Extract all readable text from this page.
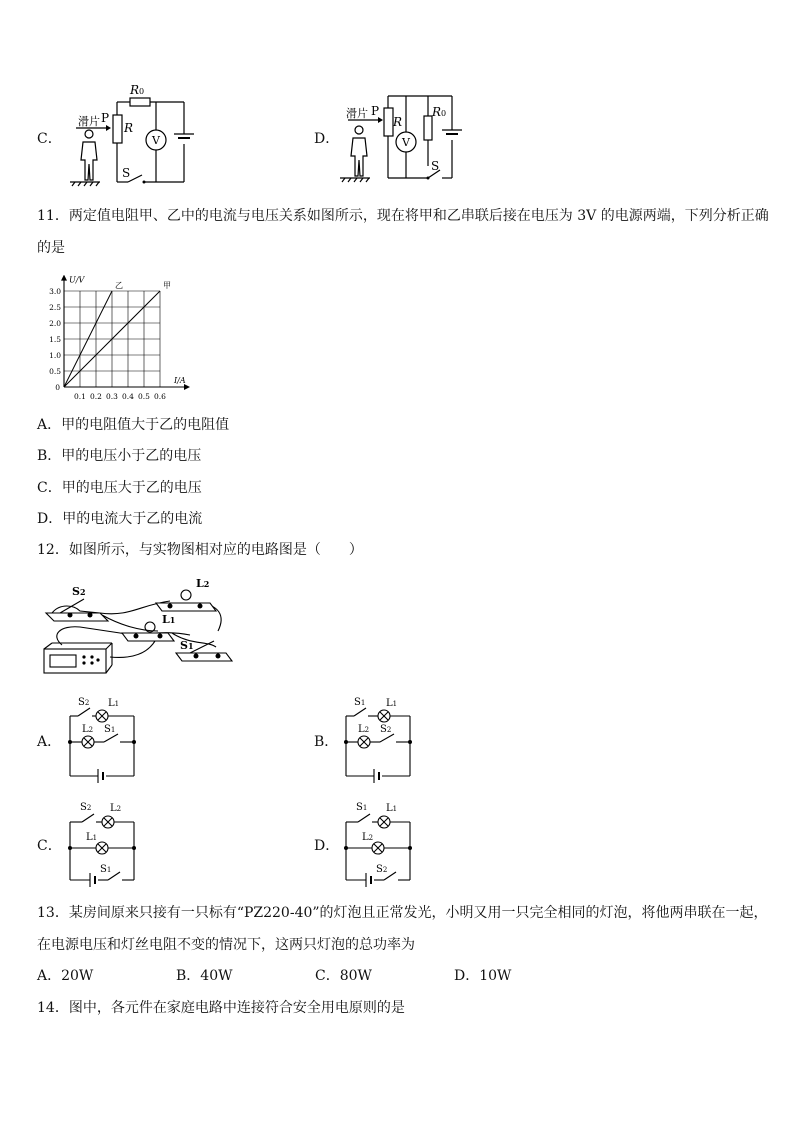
C．
滑片 P
R
R0
V
S
D．
滑片 P
R
R0
V
S
11．两定值电阻甲、乙中的电流与电压关系如图所示，现在将甲和乙串联后接在电压为 3V 的电源两端，下列分析正确
的是
0.1 0.2 0.3 0.4 0.5 0.6
0.5
1.0
1.5
2.0
2.5
3.0
0
I/A
U/V
乙	甲
A．甲的电阻值大于乙的电阻值
B．甲的电压小于乙的电压
C．甲的电压大于乙的电压
D．甲的电流大于乙的电流
12．如图所示，与实物图相对应的电路图是（　　）
S2
L2
L1
S1
A．
S2 L1
L2 S1
B．
S1 L1
L2 S2
C．
S2 L2
L1
S1
D．
S1 L1
L2
S2
13．某房间原来只接有一只标有“PZ220-40”的灯泡且正常发光，小明又用一只完全相同的灯泡，将他两串联在一起，
在电源电压和灯丝电阻不变的情况下，这两只灯泡的总功率为
A．20W	B．40W	C．80W	D．10W
14．图中，各元件在家庭电路中连接符合安全用电原则的是
